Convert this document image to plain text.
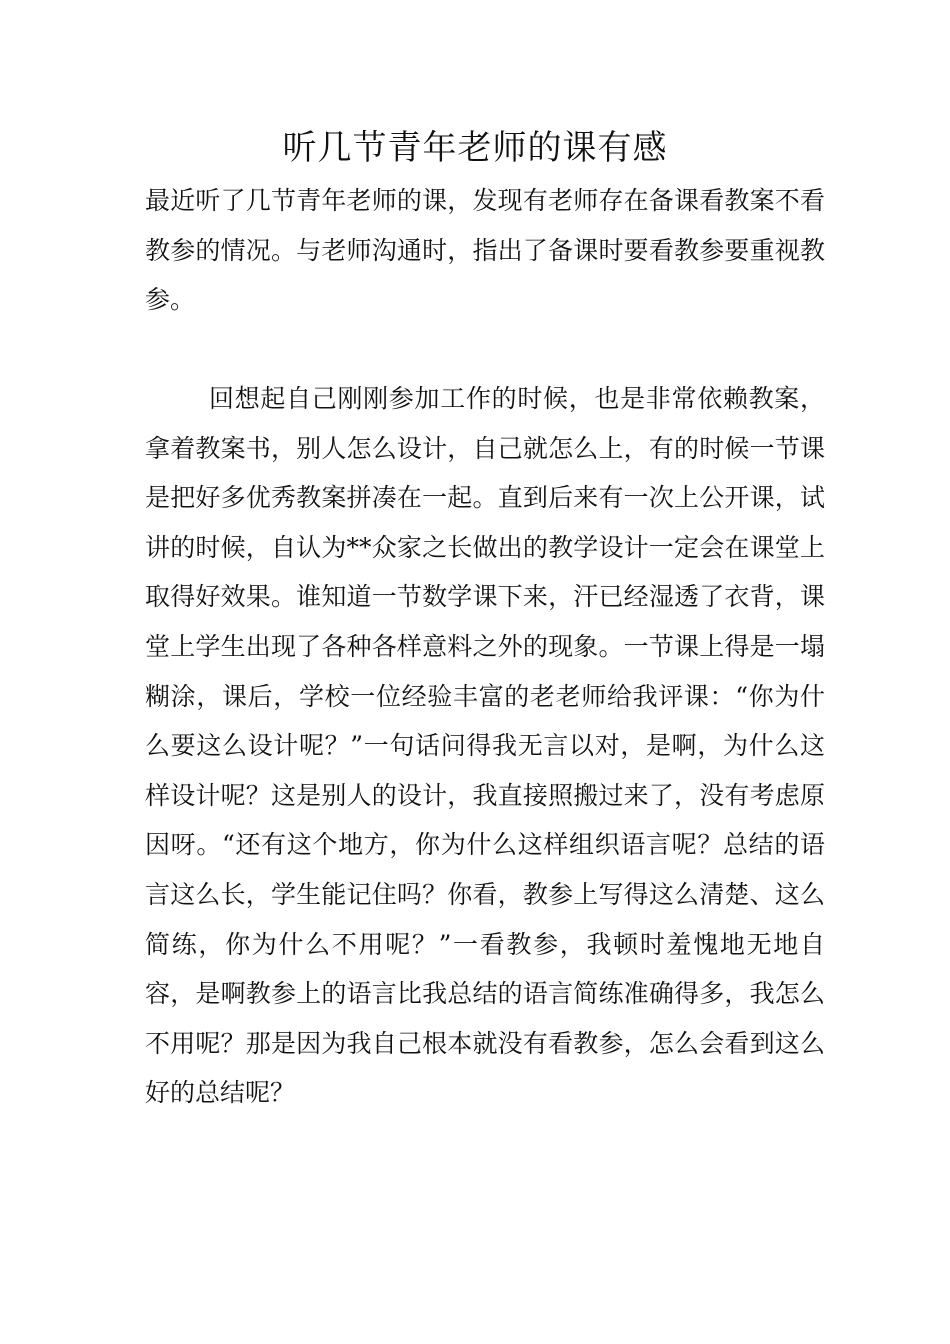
听几节青年老师的课有感

最近听了几节青年老师的课，发现有老师存在备课看教案不看教参的情况。与老师沟通时，指出了备课时要看教参要重视教参。

回想起自己刚刚参加工作的时候，也是非常依赖教案，拿着教案书，别人怎么设计，自己就怎么上，有的时候一节课是把好多优秀教案拼凑在一起。直到后来有一次上公开课，试讲的时候，自认为**众家之长做出的教学设计一定会在课堂上取得好效果。谁知道一节数学课下来，汗已经湿透了衣背，课堂上学生出现了各种各样意料之外的现象。一节课上得是一塌糊涂，课后，学校一位经验丰富的老老师给我评课：“你为什么要这么设计呢？”一句话问得我无言以对，是啊，为什么这样设计呢？这是别人的设计，我直接照搬过来了，没有考虑原因呀。“还有这个地方，你为什么这样组织语言呢？总结的语言这么长，学生能记住吗？你看，教参上写得这么清楚、这么简练，你为什么不用呢？”一看教参，我顿时羞愧地无地自容，是啊教参上的语言比我总结的语言简练准确得多，我怎么不用呢？那是因为我自己根本就没有看教参，怎么会看到这么好的总结呢？
